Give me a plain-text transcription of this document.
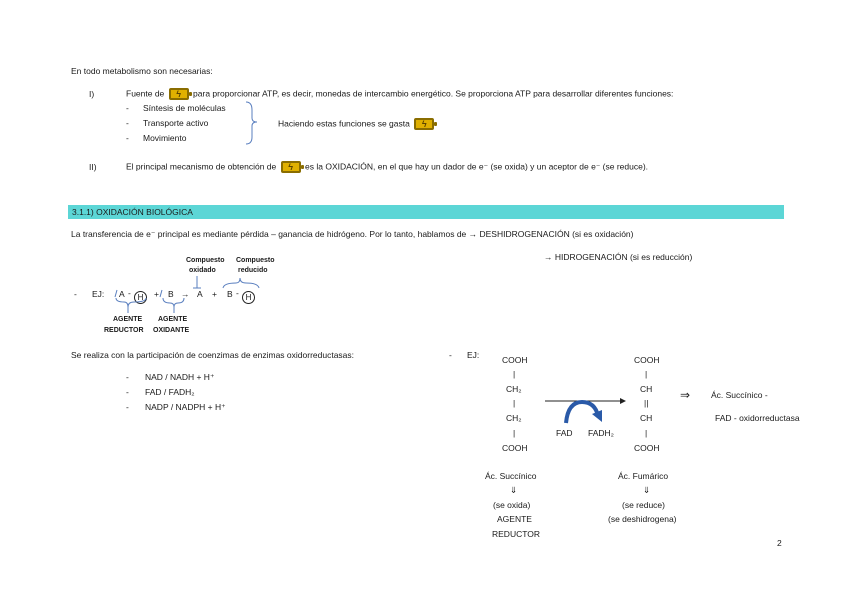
En todo metabolismo son necesarias:
I)	Fuente de	ϟ	para proporcionar ATP, es decir, monedas de intercambio energético. Se proporciona ATP para desarrollar diferentes funciones:
- Síntesis de moléculas
- Transporte activo
- Movimiento
Haciendo estas funciones se gasta	ϟ
II)	El principal mecanismo de obtención de	ϟ	es la OXIDACIÓN, en el que hay un dador de e⁻ (se oxida) y un aceptor de e⁻ (se reduce).
3.1.1) OXIDACIÓN BIOLÓGICA
La transferencia de e⁻ principal es mediante pérdida – ganancia de hidrógeno. Por lo tanto, hablamos de → DESHIDROGENACIÓN (si es oxidación)
→ HIDROGENACIÓN (si es reducción)
Compuesto
oxidado
Compuesto
reducido
- EJ: A - H	+ B → A + B - H
AGENTE
REDUCTOR
AGENTE
OXIDANTE
Se realiza con la participación de coenzimas de enzimas oxidorreductasas:
- NAD / NADH + H⁺
- FAD / FADH₂
- NADP / NADPH + H⁺
- EJ:	COOH
|
CH₂
|
CH₂
|
COOH
COOH
|
CH
||
CH
|
COOH
FAD FADH₂
⇒ Ác. Succínico -
FAD - oxidorreductasa
Ác. Succínico
⇓
(se oxida)
AGENTE
REDUCTOR
Ác. Fumárico
⇓
(se reduce)
(se deshidrogena)
2
